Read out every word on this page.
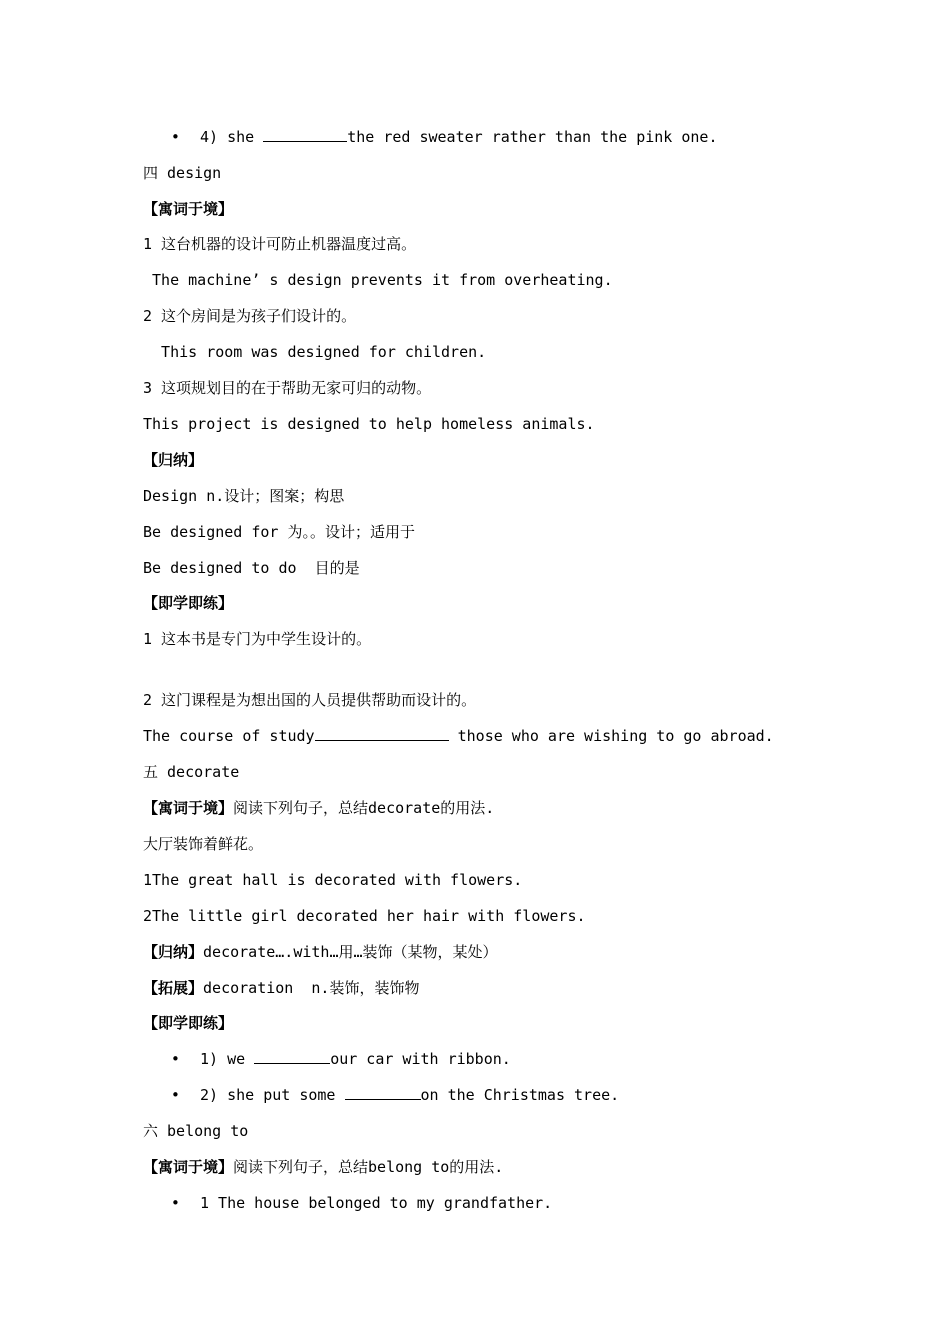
• 4) she	the red sweater rather than the pink one.
四 design
【寓词于境】
1 这台机器的设计可防止机器温度过高。
The machine’ s design prevents it from overheating.
2 这个房间是为孩子们设计的。
This room was designed for children.
3 这项规划目的在于帮助无家可归的动物。
This project is designed to help homeless animals.
【归纳】
Design n.设计；图案；构思
Be designed for 为。。设计；适用于
Be designed to do  目的是
【即学即练】
1 这本书是专门为中学生设计的。
2 这门课程是为想出国的人员提供帮助而设计的。
The course of study	those who are wishing to go abroad.
五 decorate
【寓词于境】阅读下列句子，总结decorate的用法.
大厅装饰着鲜花。
1The great hall is decorated with flowers.
2The little girl decorated her hair with flowers.
【归纳】decorate….with…用…装饰（某物，某处）
【拓展】decoration  n.装饰，装饰物
【即学即练】
• 1) we	our car with ribbon.
• 2) she put some	on the Christmas tree.
六 belong to
【寓词于境】阅读下列句子，总结belong to的用法.
• 1 The house belonged to my grandfather.
